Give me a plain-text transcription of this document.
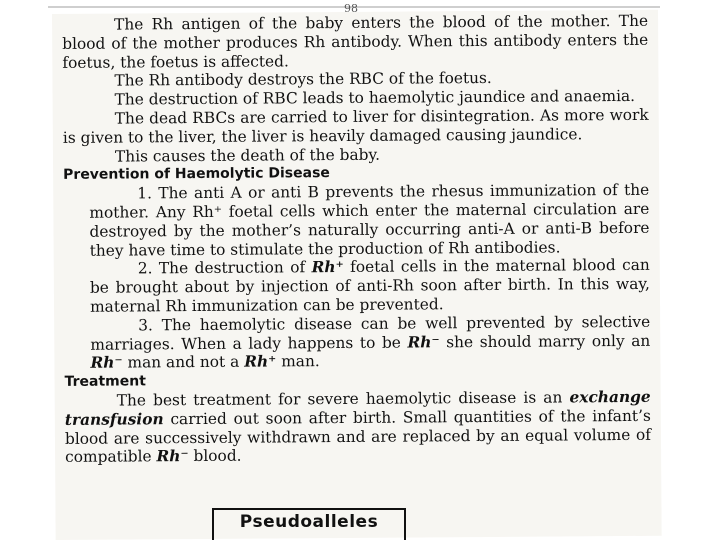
The Rh antigen of the baby enters the blood of the mother. The blood of the mother produces Rh antibody. When this antibody enters the foetus, the foetus is affected.

The Rh antibody destroys the RBC of the foetus.

The destruction of RBC leads to haemolytic jaundice and anaemia.

The dead RBCs are carried to liver for disintegration. As more work is given to the liver, the liver is heavily damaged causing jaundice.

This causes the death of the baby.

Prevention of Haemolytic Disease

1. The anti A or anti B prevents the rhesus immunization of the mother. Any Rh⁺ foetal cells which enter the maternal circulation are destroyed by the mother’s naturally occurring anti-A or anti-B before they have time to stimulate the production of Rh antibodies.

2. The destruction of Rh⁺ foetal cells in the maternal blood can be brought about by injection of anti-Rh soon after birth. In this way, maternal Rh immunization can be prevented.

3. The haemolytic disease can be well prevented by selective marriages. When a lady happens to be Rh⁻ she should marry only an Rh⁻ man and not a Rh⁺ man.

Treatment

The best treatment for severe haemolytic disease is an exchange transfusion carried out soon after birth. Small quantities of the infant’s blood are successively withdrawn and are replaced by an equal volume of compatible Rh⁻ blood.

98
Pseudoalleles
